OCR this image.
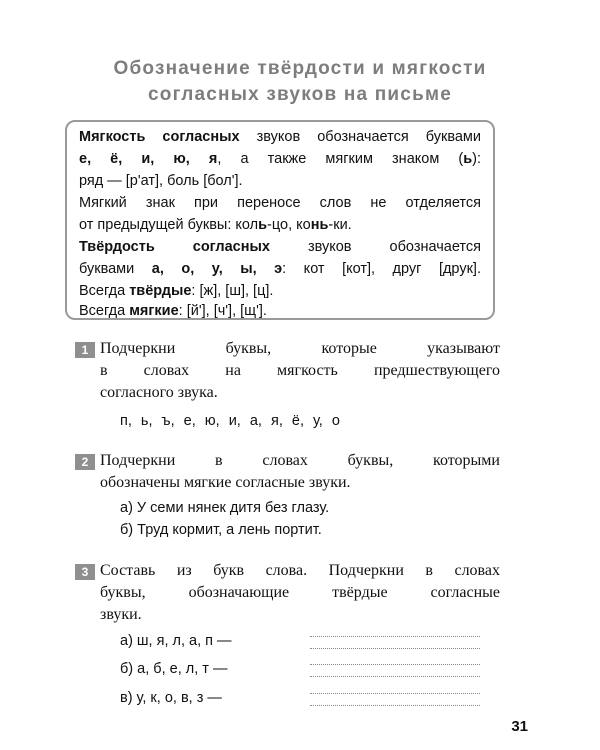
Обозначение твёрдости и мягкости
согласных звуков на письме
Мягкость согласных звуков обозначается буквами
е, ё, и, ю, я, а также мягким знаком (ь):
ряд — [р'ат], боль [бол'].
Мягкий знак при переносе слов не отделяется
от предыдущей буквы: коль-цо, конь-ки.
Твёрдость согласных звуков обозначается
буквами а, о, у, ы, э: кот [кот], друг [друк].
Всегда твёрдые: [ж], [ш], [ц].
Всегда мягкие: [й'], [ч'], [щ'].
1 Подчеркни буквы, которые указывают
в словах на мягкость предшествующего
согласного звука.
п, ь, ъ, е, ю, и, а, я, ё, у, о
2 Подчеркни в словах буквы, которыми
обозначены мягкие согласные звуки.
а) У семи нянек дитя без глазу.
б) Труд кормит, а лень портит.
3 Составь из букв слова. Подчеркни в словах
буквы, обозначающие твёрдые согласные
звуки.
а) ш, я, л, а, п —
б) а, б, е, л, т —
в) у, к, о, в, з —
31
